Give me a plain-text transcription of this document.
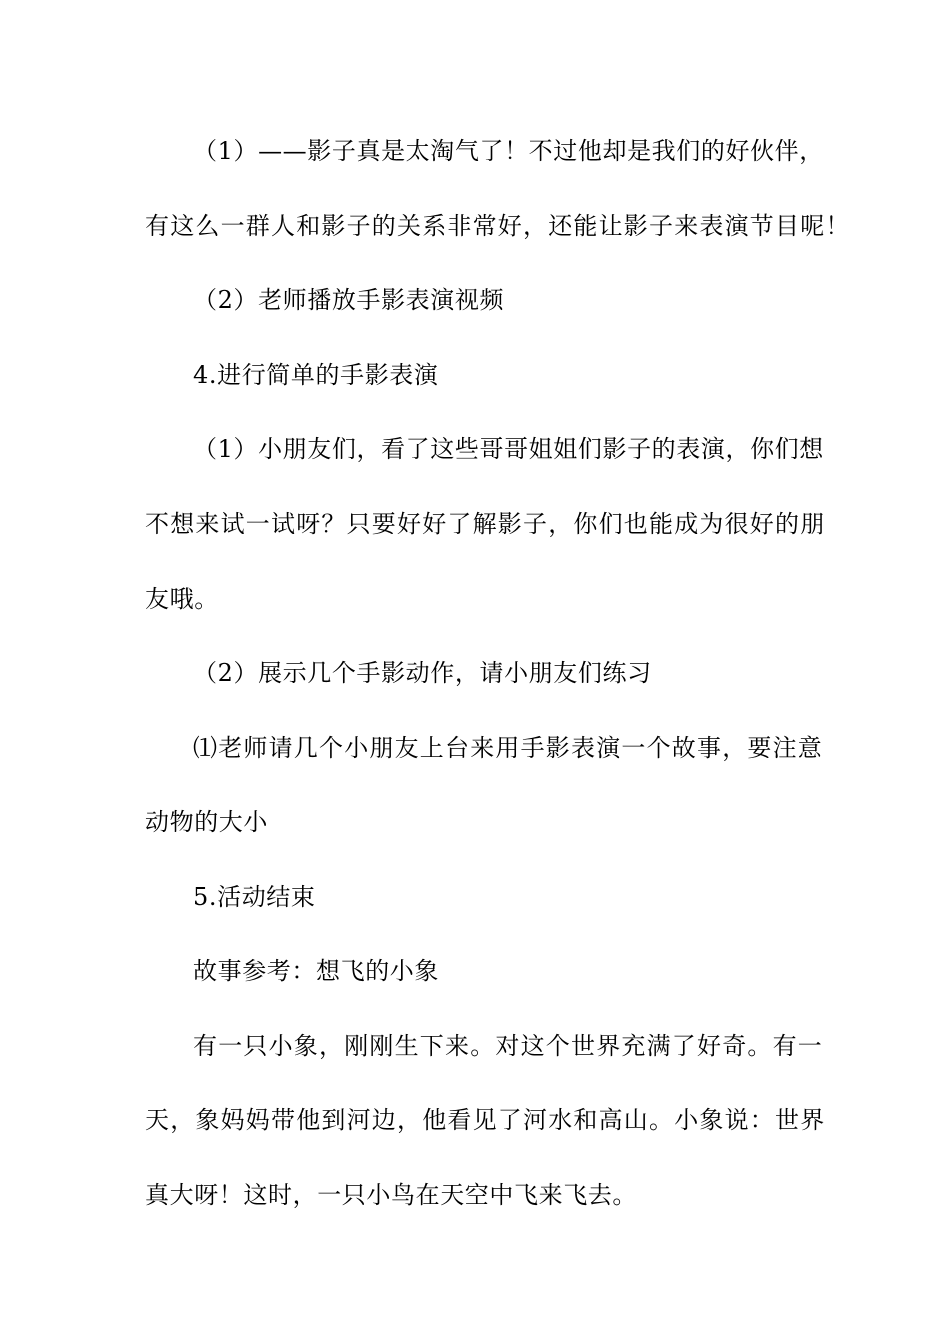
（1）——影子真是太淘气了！不过他却是我们的好伙伴，
有这么一群人和影子的关系非常好，还能让影子来表演节目呢！
（2）老师播放手影表演视频
4.进行简单的手影表演
（1）小朋友们，看了这些哥哥姐姐们影子的表演，你们想
不想来试一试呀？只要好好了解影子，你们也能成为很好的朋
友哦。
（2）展示几个手影动作，请小朋友们练习
⑴老师请几个小朋友上台来用手影表演一个故事，要注意
动物的大小
5.活动结束
故事参考：想飞的小象
有一只小象，刚刚生下来。对这个世界充满了好奇。有一
天，象妈妈带他到河边，他看见了河水和高山。小象说：世界
真大呀！这时，一只小鸟在天空中飞来飞去。
